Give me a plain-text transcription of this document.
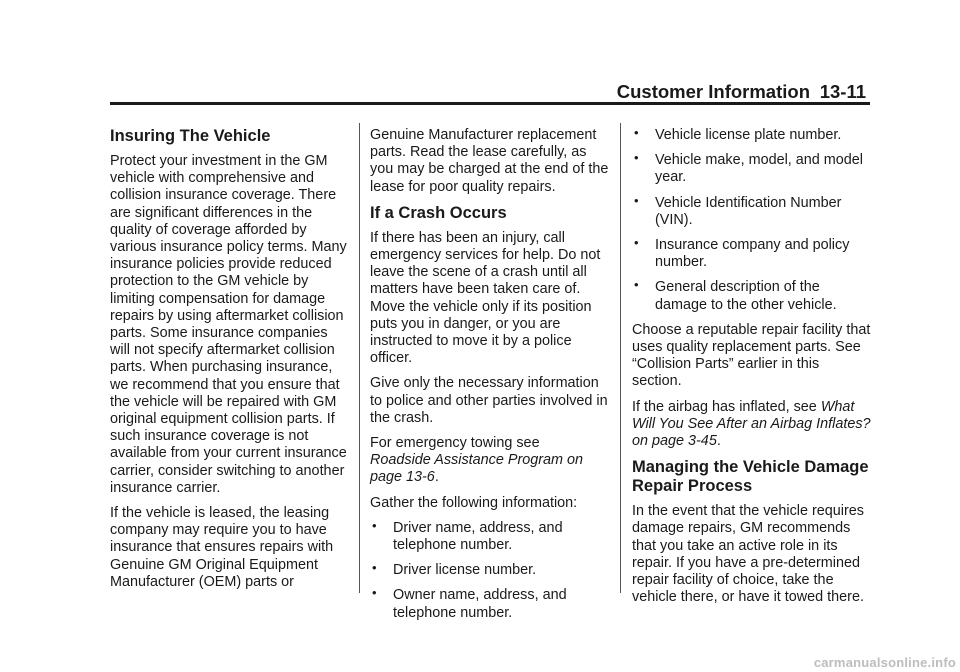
Customer Information 13-11
Insuring The Vehicle

Protect your investment in the GM vehicle with comprehensive and collision insurance coverage. There are significant differences in the quality of coverage afforded by various insurance policy terms. Many insurance policies provide reduced protection to the GM vehicle by limiting compensation for damage repairs by using aftermarket collision parts. Some insurance companies will not specify aftermarket collision parts. When purchasing insurance, we recommend that you ensure that the vehicle will be repaired with GM original equipment collision parts. If such insurance coverage is not available from your current insurance carrier, consider switching to another insurance carrier.

If the vehicle is leased, the leasing company may require you to have insurance that ensures repairs with Genuine GM Original Equipment Manufacturer (OEM) parts or

Genuine Manufacturer replacement parts. Read the lease carefully, as you may be charged at the end of the lease for poor quality repairs.

If a Crash Occurs

If there has been an injury, call emergency services for help. Do not leave the scene of a crash until all matters have been taken care of. Move the vehicle only if its position puts you in danger, or you are instructed to move it by a police officer.

Give only the necessary information to police and other parties involved in the crash.

For emergency towing see
Roadside Assistance Program on page 13-6.

Gather the following information:

• Driver name, address, and telephone number.
• Driver license number.
• Owner name, address, and telephone number.
• Vehicle license plate number.
• Vehicle make, model, and model year.
• Vehicle Identification Number (VIN).
• Insurance company and policy number.
• General description of the damage to the other vehicle.

Choose a reputable repair facility that uses quality replacement parts. See “Collision Parts” earlier in this section.

If the airbag has inflated, see What Will You See After an Airbag Inflates? on page 3-45.

Managing the Vehicle Damage Repair Process

In the event that the vehicle requires damage repairs, GM recommends that you take an active role in its repair. If you have a pre-determined repair facility of choice, take the vehicle there, or have it towed there.

carmanualsonline.info
